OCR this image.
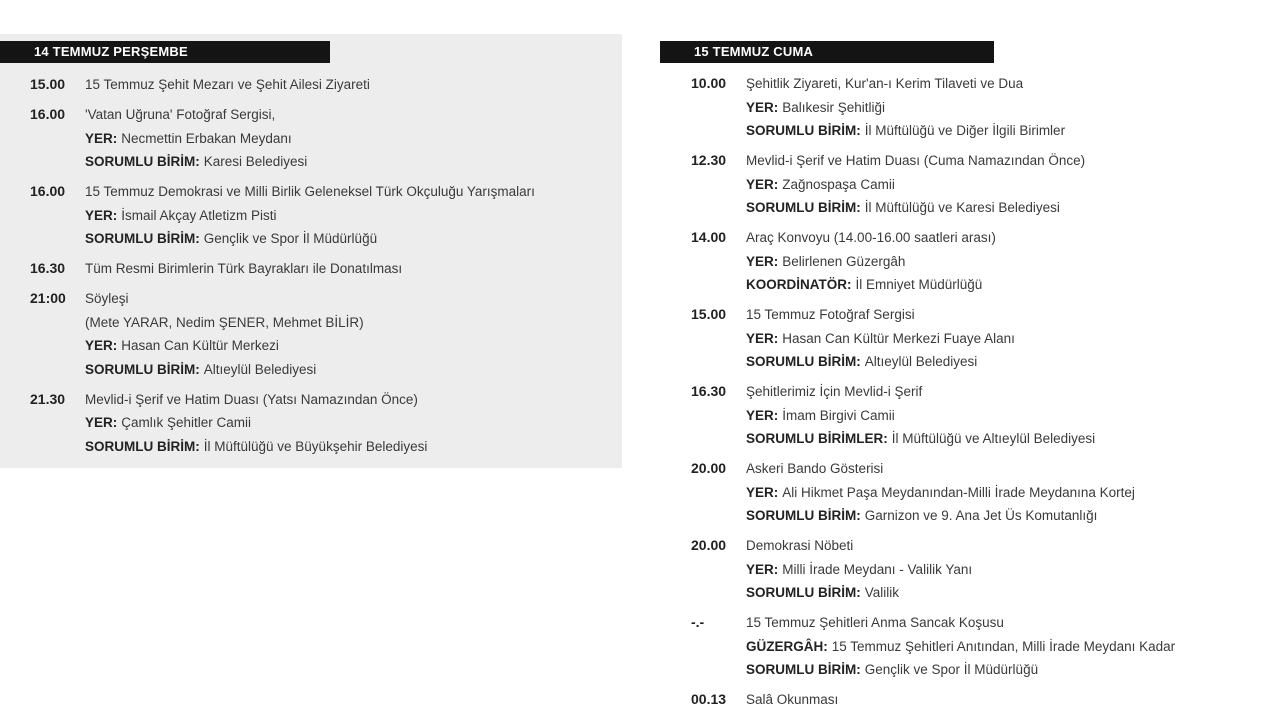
14 TEMMUZ PERŞEMBE
15.00 15 Temmuz Şehit Mezarı ve Şehit Ailesi Ziyareti
16.00 'Vatan Uğruna' Fotoğraf Sergisi,
YER : Necmettin Erbakan Meydanı
SORUMLU BİRİM : Karesi Belediyesi
16.00 15 Temmuz Demokrasi ve Milli Birlik Geleneksel Türk Okçuluğu Yarışmaları
YER : İsmail Akçay Atletizm Pisti
SORUMLU BİRİM : Gençlik ve Spor İl Müdürlüğü
16.30 Tüm Resmi Birimlerin Türk Bayrakları ile Donatılması
21:00 Söyleşi
(Mete YARAR, Nedim ŞENER, Mehmet BİLİR)
YER : Hasan Can Kültür Merkezi
SORUMLU BİRİM : Altıeylül Belediyesi
21.30 Mevlid-i Şerif ve Hatim Duası (Yatsı Namazından Önce)
YER : Çamlık Şehitler Camii
SORUMLU BİRİM : İl Müftülüğü ve Büyükşehir Belediyesi
15 TEMMUZ CUMA
10.00 Şehitlik Ziyareti, Kur'an-ı Kerim Tilaveti ve Dua
YER : Balıkesir Şehitliği
SORUMLU BİRİM : İl Müftülüğü ve Diğer İlgili Birimler
12.30 Mevlid-i Şerif ve Hatim Duası (Cuma Namazından Önce)
YER : Zağnospaşa Camii
SORUMLU BİRİM : İl Müftülüğü ve Karesi Belediyesi
14.00 Araç Konvoyu (14.00-16.00 saatleri arası)
YER : Belirlenen Güzergâh
KOORDİNATÖR : İl Emniyet Müdürlüğü
15.00 15 Temmuz Fotoğraf Sergisi
YER : Hasan Can Kültür Merkezi Fuaye Alanı
SORUMLU BİRİM : Altıeylül Belediyesi
16.30 Şehitlerimiz İçin Mevlid-i Şerif
YER : İmam Birgivi Camii
SORUMLU BİRİMLER : İl Müftülüğü ve Altıeylül Belediyesi
20.00 Askeri Bando Gösterisi
YER : Ali Hikmet Paşa Meydanından-Milli İrade Meydanına Kortej
SORUMLU BİRİM : Garnizon ve 9. Ana Jet Üs Komutanlığı
20.00 Demokrasi Nöbeti
YER : Milli İrade Meydanı - Valilik Yanı
SORUMLU BİRİM : Valilik
-.-	15 Temmuz Şehitleri Anma Sancak Koşusu
GÜZERGÂH : 15 Temmuz Şehitleri Anıtından, Milli İrade Meydanı Kadar
SORUMLU BİRİM : Gençlik ve Spor İl Müdürlüğü
00.13 Salâ Okunması
